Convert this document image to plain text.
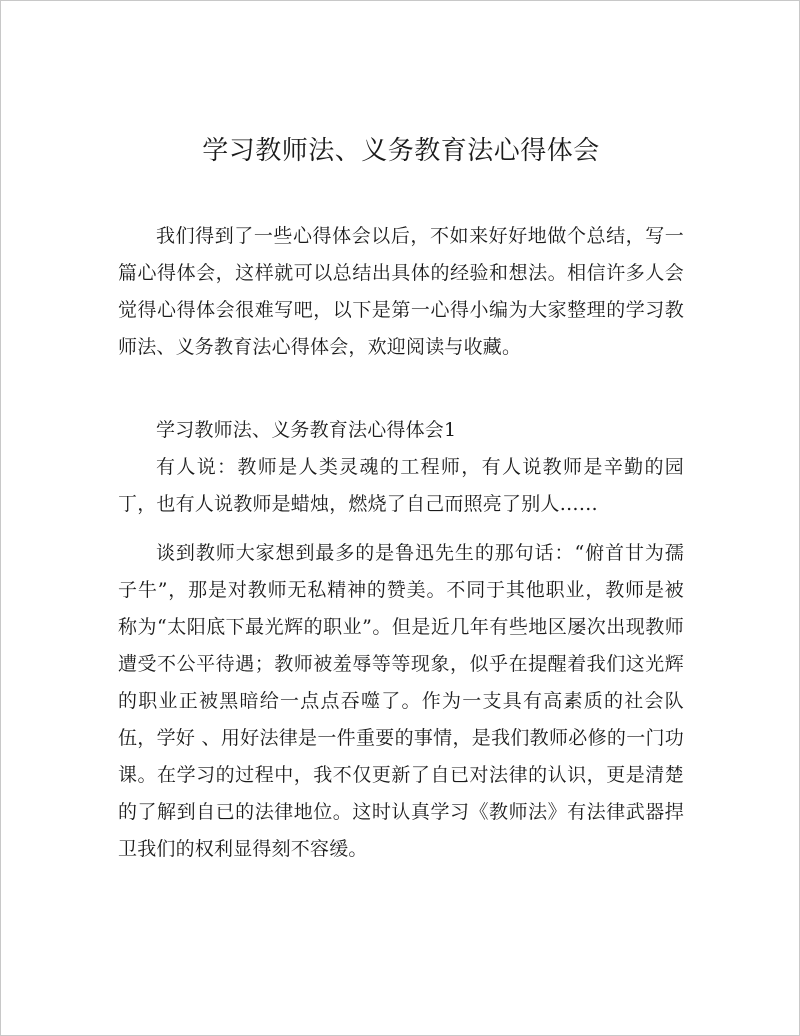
学习教师法、义务教育法心得体会

我们得到了一些心得体会以后，不如来好好地做个总结，写一篇心得体会，这样就可以总结出具体的经验和想法。相信许多人会觉得心得体会很难写吧，以下是第一心得小编为大家整理的学习教师法、义务教育法心得体会，欢迎阅读与收藏。

学习教师法、义务教育法心得体会1

有人说：教师是人类灵魂的工程师，有人说教师是辛勤的园丁，也有人说教师是蜡烛，燃烧了自己而照亮了别人……

谈到教师大家想到最多的是鲁迅先生的那句话：“俯首甘为孺子牛”，那是对教师无私精神的赞美。不同于其他职业，教师是被称为“太阳底下最光辉的职业”。但是近几年有些地区屡次出现教师遭受不公平待遇；教师被羞辱等等现象，似乎在提醒着我们这光辉的职业正被黑暗给一点点吞噬了。作为一支具有高素质的社会队伍，学好 、用好法律是一件重要的事情，是我们教师必修的一门功课。在学习的过程中，我不仅更新了自已对法律的认识，更是清楚的了解到自已的法律地位。这时认真学习《教师法》有法律武器捍卫我们的权利显得刻不容缓。
